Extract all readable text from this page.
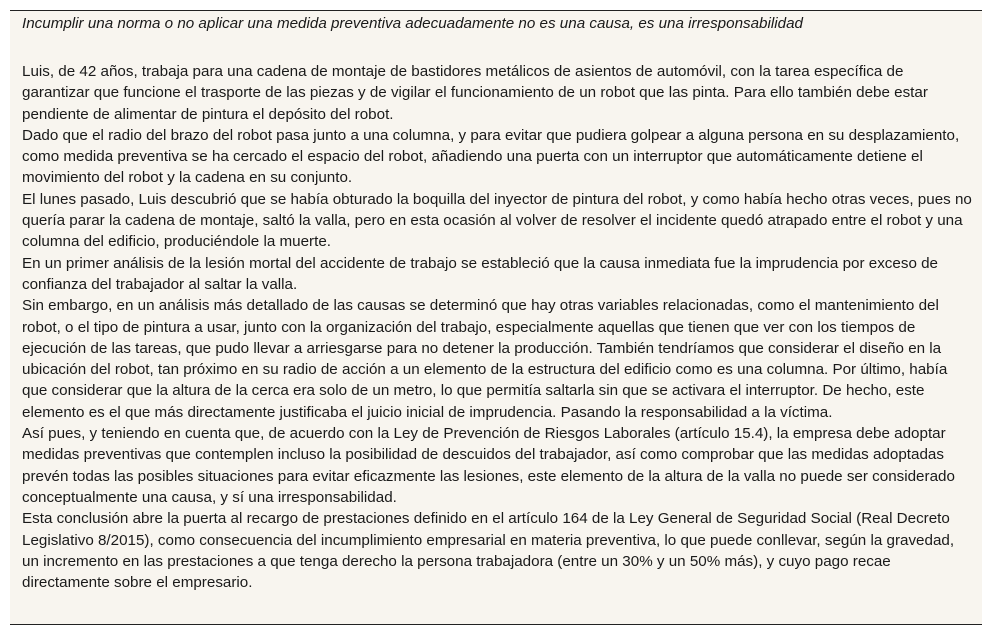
Incumplir una norma o no aplicar una medida preventiva adecuadamente no es una causa, es una irresponsabilidad

Luis, de 42 años, trabaja para una cadena de montaje de bastidores metálicos de asientos de automóvil, con la tarea específica de garantizar que funcione el trasporte de las piezas y de vigilar el funcionamiento de un robot que las pinta. Para ello también debe estar pendiente de alimentar de pintura el depósito del robot.

Dado que el radio del brazo del robot pasa junto a una columna, y para evitar que pudiera golpear a alguna persona en su desplazamiento, como medida preventiva se ha cercado el espacio del robot, añadiendo una puerta con un interruptor que automáticamente detiene el movimiento del robot y la cadena en su conjunto.

El lunes pasado, Luis descubrió que se había obturado la boquilla del inyector de pintura del robot, y como había hecho otras veces, pues no quería parar la cadena de montaje, saltó la valla, pero en esta ocasión al volver de resolver el incidente quedó atrapado entre el robot y una columna del edificio, produciéndole la muerte.

En un primer análisis de la lesión mortal del accidente de trabajo se estableció que la causa inmediata fue la imprudencia por exceso de confianza del trabajador al saltar la valla.

Sin embargo, en un análisis más detallado de las causas se determinó que hay otras variables relacionadas, como el mantenimiento del robot, o el tipo de pintura a usar, junto con la organización del trabajo, especialmente aquellas que tienen que ver con los tiempos de ejecución de las tareas, que pudo llevar a arriesgarse para no detener la producción. También tendríamos que considerar el diseño en la ubicación del robot, tan próximo en su radio de acción a un elemento de la estructura del edificio como es una columna. Por último, había que considerar que la altura de la cerca era solo de un metro, lo que permitía saltarla sin que se activara el interruptor. De hecho, este elemento es el que más directamente justificaba el juicio inicial de imprudencia. Pasando la responsabilidad a la víctima.

Así pues, y teniendo en cuenta que, de acuerdo con la Ley de Prevención de Riesgos Laborales (artículo 15.4), la empresa debe adoptar medidas preventivas que contemplen incluso la posibilidad de descuidos del trabajador, así como comprobar que las medidas adoptadas prevén todas las posibles situaciones para evitar eficazmente las lesiones, este elemento de la altura de la valla no puede ser considerado conceptualmente una causa, y sí una irresponsabilidad.

Esta conclusión abre la puerta al recargo de prestaciones definido en el artículo 164 de la Ley General de Seguridad Social (Real Decreto Legislativo 8/2015), como consecuencia del incumplimiento empresarial en materia preventiva, lo que puede conllevar, según la gravedad, un incremento en las prestaciones a que tenga derecho la persona trabajadora (entre un 30% y un 50% más), y cuyo pago recae directamente sobre el empresario.
